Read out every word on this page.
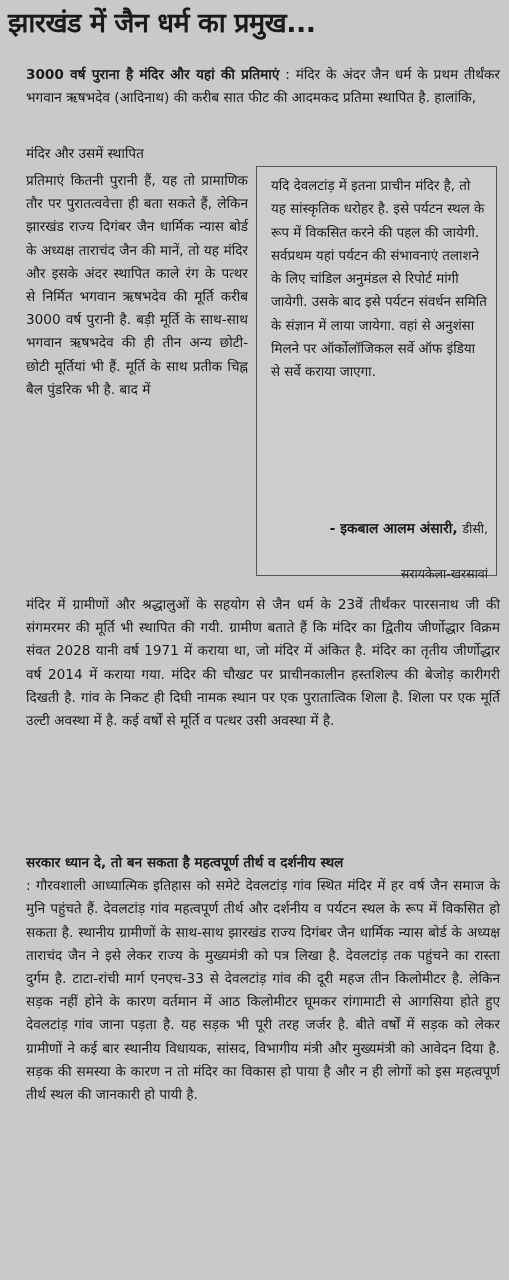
झारखंड में जैन धर्म का प्रमुख...

3000 वर्ष पुराना है मंदिर और यहां की प्रतिमाएं : मंदिर के अंदर जैन धर्म के प्रथम तीर्थंकर भगवान ऋषभदेव (आदिनाथ) की करीब सात फीट की आदमकद प्रतिमा स्थापित है. हालांकि,

मंदिर और उसमें स्थापित

प्रतिमाएं कितनी पुरानी हैं, यह तो प्रामाणिक तौर पर पुरातत्ववेत्ता ही बता सकते हैं, लेकिन झारखंड राज्य दिगंबर जैन धार्मिक न्यास बोर्ड के अध्यक्ष ताराचंद जैन की मानें, तो यह मंदिर और इसके अंदर स्थापित काले रंग के पत्थर से निर्मित भगवान ऋषभदेव की मूर्ति करीब 3000 वर्ष पुरानी है. बड़ी मूर्ति के साथ-साथ भगवान ऋषभदेव की ही तीन अन्य छोटी-छोटी मूर्तियां भी हैं. मूर्ति के साथ प्रतीक चिह्न बैल पुंडरिक भी है. बाद में

यदि देवलटांड़ में इतना प्राचीन मंदिर है, तो यह सांस्कृतिक धरोहर है. इसे पर्यटन स्थल के रूप में विकसित करने की पहल की जायेगी. सर्वप्रथम यहां पर्यटन की संभावनाएं तलाशने के लिए चांडिल अनुमंडल से रिपोर्ट मांगी जायेगी. उसके बाद इसे पर्यटन संवर्धन समिति के संज्ञान में लाया जायेगा. वहां से अनुशंसा मिलने पर ऑर्कोलॉजिकल सर्वे ऑफ इंडिया से सर्वे कराया जाएगा.

- इकबाल आलम अंसारी, डीसी,
सरायकेला-खरसावां

मंदिर में ग्रामीणों और श्रद्धालुओं के सहयोग से जैन धर्म के 23वें तीर्थंकर पारसनाथ जी की संगमरमर की मूर्ति भी स्थापित की गयी. ग्रामीण बताते हैं कि मंदिर का द्वितीय जीर्णोद्धार विक्रम संवत 2028 यानी वर्ष 1971 में कराया था, जो मंदिर में अंकित है. मंदिर का तृतीय जीर्णोद्धार वर्ष 2014 में कराया गया. मंदिर की चौखट पर प्राचीनकालीन हस्तशिल्प की बेजोड़ कारीगरी दिखती है. गांव के निकट ही दिघी नामक स्थान पर एक पुरातात्विक शिला है. शिला पर एक मूर्ति उल्टी अवस्था में है. कई वर्षों से मूर्ति व पत्थर उसी अवस्था में है.

सरकार ध्यान दे, तो बन सकता है महत्वपूर्ण तीर्थ व दर्शनीय स्थल
: गौरवशाली आध्यात्मिक इतिहास को समेटे देवलटांड़ गांव स्थित मंदिर में हर वर्ष जैन समाज के मुनि पहुंचते हैं. देवलटांड़ गांव महत्वपूर्ण तीर्थ और दर्शनीय व पर्यटन स्थल के रूप में विकसित हो सकता है. स्थानीय ग्रामीणों के साथ-साथ झारखंड राज्य दिगंबर जैन धार्मिक न्यास बोर्ड के अध्यक्ष ताराचंद जैन ने इसे लेकर राज्य के मुख्यमंत्री को पत्र लिखा है. देवलटांड़ तक पहुंचने का रास्ता दुर्गम है. टाटा-रांची मार्ग एनएच-33 से देवलटांड़ गांव की दूरी महज तीन किलोमीटर है. लेकिन सड़क नहीं होने के कारण वर्तमान में आठ किलोमीटर घूमकर रांगामाटी से आगसिया होते हुए देवलटांड़ गांव जाना पड़ता है. यह सड़क भी पूरी तरह जर्जर है. बीते वर्षों में सड़क को लेकर ग्रामीणों ने कई बार स्थानीय विधायक, सांसद, विभागीय मंत्री और मुख्यमंत्री को आवेदन दिया है. सड़क की समस्या के कारण न तो मंदिर का विकास हो पाया है और न ही लोगों को इस महत्वपूर्ण तीर्थ स्थल की जानकारी हो पायी है.
